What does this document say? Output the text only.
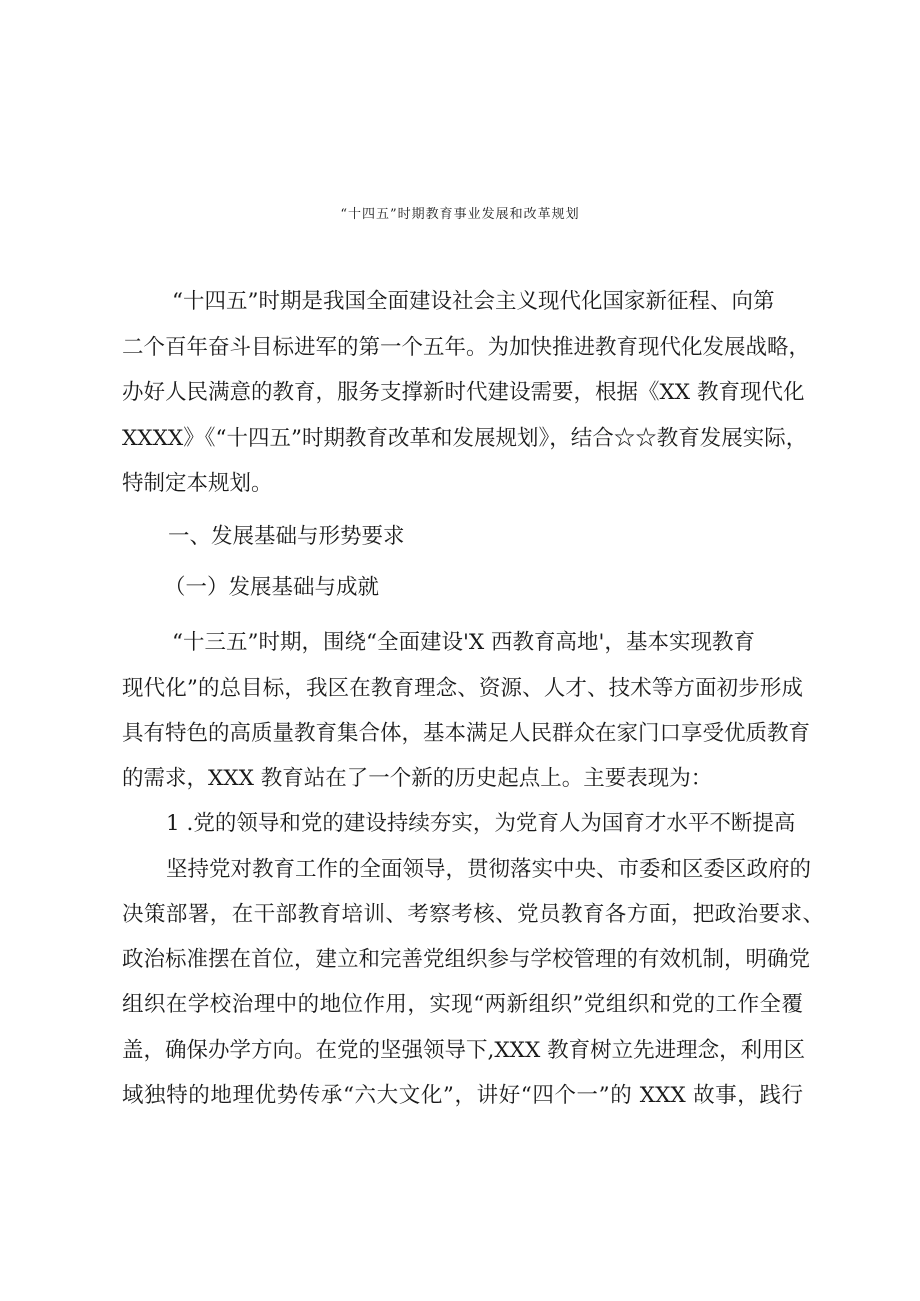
“十四五”时期教育事业发展和改革规划
“十四五”时期是我国全面建设社会主义现代化国家新征程、向第
二个百年奋斗目标进军的第一个五年。为加快推进教育现代化发展战略，
办好人民满意的教育，服务支撑新时代建设需要，根据《XX 教育现代化
XXXX》《“十四五”时期教育改革和发展规划》，结合☆☆教育发展实际，
特制定本规划。
一、发展基础与形势要求
（一）发展基础与成就
“十三五”时期，围绕“全面建设'X 西教育高地'，基本实现教育
现代化”的总目标，我区在教育理念、资源、人才、技术等方面初步形成
具有特色的高质量教育集合体，基本满足人民群众在家门口享受优质教育
的需求，XXX 教育站在了一个新的历史起点上。主要表现为：
1 .党的领导和党的建设持续夯实，为党育人为国育才水平不断提高
坚持党对教育工作的全面领导，贯彻落实中央、市委和区委区政府的
决策部署，在干部教育培训、考察考核、党员教育各方面，把政治要求、
政治标准摆在首位，建立和完善党组织参与学校管理的有效机制，明确党
组织在学校治理中的地位作用，实现“两新组织”党组织和党的工作全覆
盖，确保办学方向。在党的坚强领导下,XXX 教育树立先进理念，利用区
域独特的地理优势传承“六大文化”，讲好“四个一”的 XXX 故事，践行
